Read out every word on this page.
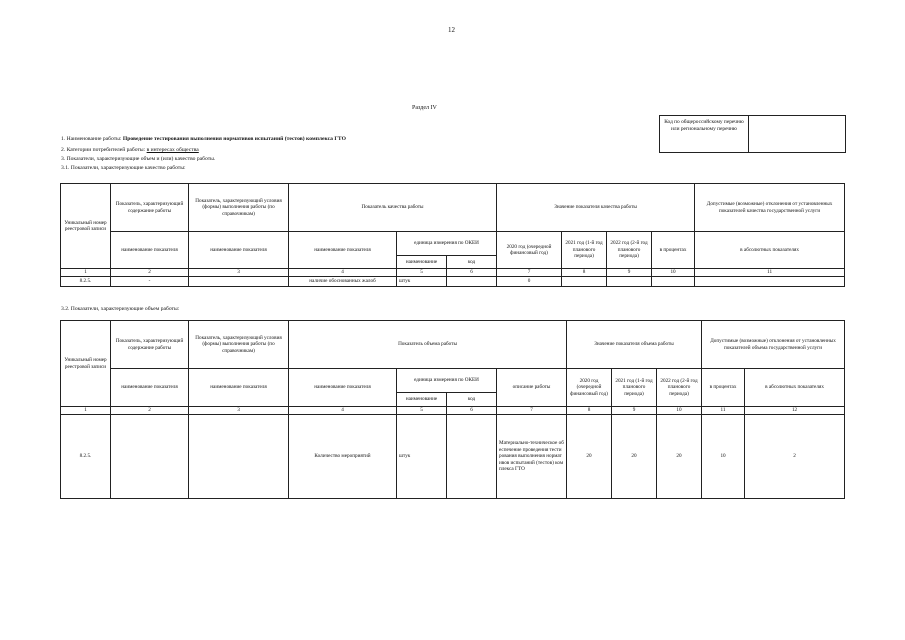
12
Раздел IV
Код по общероссийскому перечню или региональному перечню
1. Наименование работы: Проведение тестирования выполнения нормативов испытаний (тестов) комплекса ГТО
2. Категории потребителей работы: в интересах общества
3. Показатели, характеризующие объем и (или) качество работы.
3.1. Показатели, характеризующие качество работы:
3.2. Показатели, характеризующие объем работы:
Уникальный номер реестровой записи	Показатель, характеризующий содержание работы	Показатель, характеризующий условия (формы) выполнения работы (по справочникам)	Показатель качества работы			Значение показателя качества работы				Допустимые (возможные) отклонения от установленных показателей качества государственной услуги
	наименование показателя	наименование показателя	наименование показателя	единица измерения по ОКЕИ		2020 год (очередной финансовый год)	2021 год (1-й год планового периода)	2022 год (2-й год планового периода)	в процентах	в абсолютных показателях
				наименование	код					
1	2	3	4	5	6	7	8	9	10	11
8.2.5.	-		наличие обоснованных жалоб	штук		0				
Уникальный номер реестровой записи	Показатель, характеризующий содержание работы	Показатель, характеризующий условия (формы) выполнения работы (по справочникам)	Показатель объема работы				Значение показателя объема работы			Допустимые (возможные) отклонения от установленных показателей объема государственной услуги	
	наименование показателя	наименование показателя	наименование показателя	единица измерения по ОКЕИ		описание работы	2020 год (очередной финансовый год)	2021 год (1-й год планового периода)	2022 год (2-й год планового периода)	в процентах	в абсолютных показателях
				наименование	код						
1	2	3	4	5	6	7	8	9	10	11	12
8.2.5.			Количество мероприятий	штук		Материально-техническое обеспечение проведения тестирования выполнения нормативов испытаний (тестов) комплекса ГТО	20	20	20	10	2
